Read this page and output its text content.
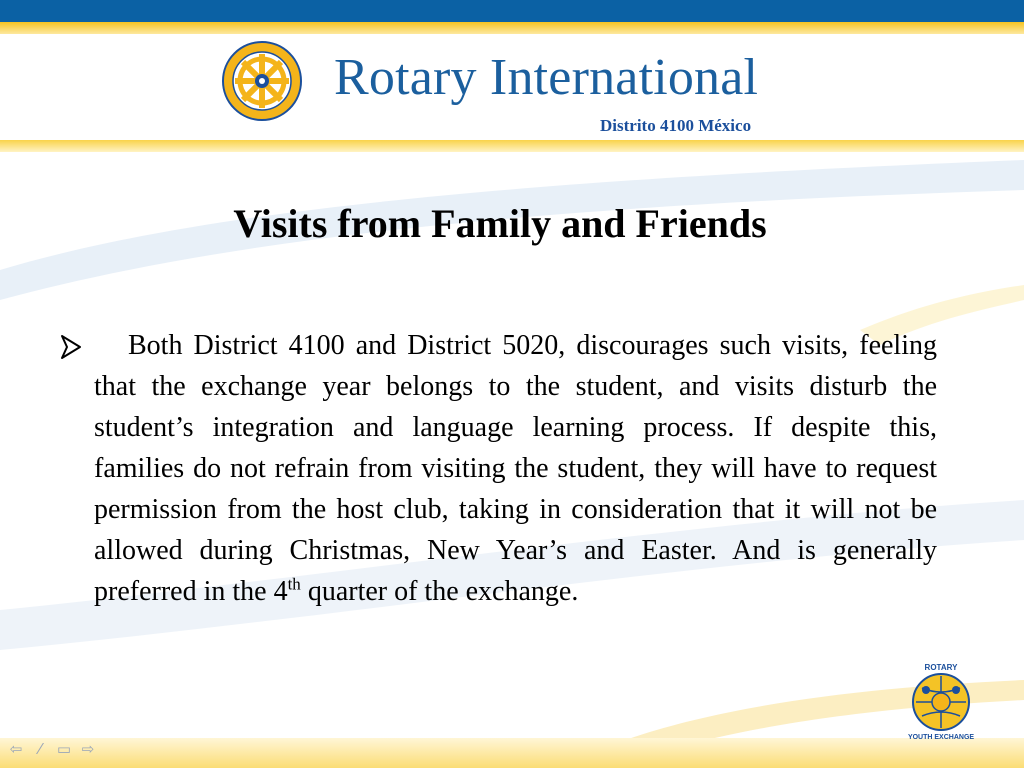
Rotary International
Distrito 4100 México
Visits from Family and Friends
Both District 4100 and District 5020, discourages such visits, feeling that the exchange year belongs to the student, and visits disturb the student’s integration and language learning process. If despite this, families do not refrain from visiting the student, they will have to request permission from the host club, taking in consideration that it will not be allowed during Christmas, New Year’s and Easter. And is generally preferred in the 4th quarter of the exchange.
ROTARY
YOUTH EXCHANGE
⇦	⁄	▭ ⇨
